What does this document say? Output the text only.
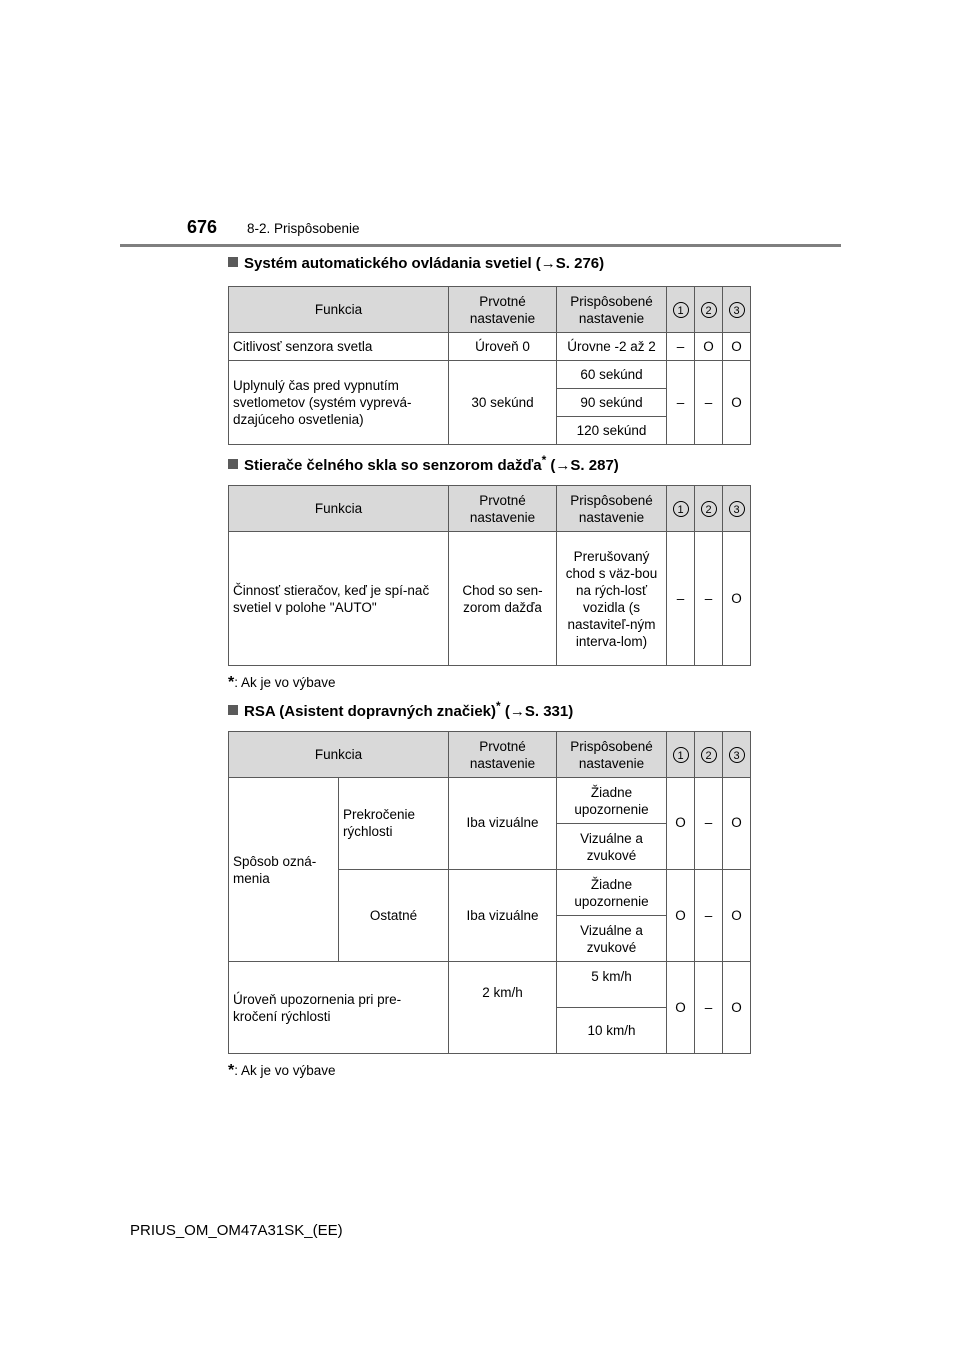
676 8-2. Prispôsobenie
Systém automatického ovládania svetiel (→S. 276)
Funkcia	Prvotné nastavenie	Prispôsobené nastavenie	1	2	3
Citlivosť senzora svetla	Úroveň 0	Úrovne -2 až 2	–	O	O
Uplynulý čas pred vypnutím svetlometov (systém vyprevá-dzajúceho osvetlenia)	30 sekúnd	60 sekúnd	–	–	O
		90 sekúnd			
		120 sekúnd			
Stierače čelného skla so senzorom dažďa* (→S. 287)
Funkcia	Prvotné nastavenie	Prispôsobené nastavenie	1	2	3
Činnosť stieračov, keď je spí-nač svetiel v polohe "AUTO"	Chod so sen-zorom dažďa	Prerušovaný chod s väz-bou na rých-losť vozidla (s nastaviteľ-ným interva-lom)	–	–	O
*: Ak je vo výbave
RSA (Asistent dopravných značiek)* (→S. 331)
Funkcia		Prvotné nastavenie	Prispôsobené nastavenie	1	2	3
Spôsob ozná-menia	Prekročenie rýchlosti	Iba vizuálne	Žiadne upozornenie	O	–	O
			Vizuálne a zvukové			
	Ostatné	Iba vizuálne	Žiadne upozornenie	O	–	O
			Vizuálne a zvukové			
Úroveň upozornenia pri pre-kročení rýchlosti		2 km/h	5 km/h	O	–	O
			10 km/h			
*: Ak je vo výbave
PRIUS_OM_OM47A31SK_(EE)
